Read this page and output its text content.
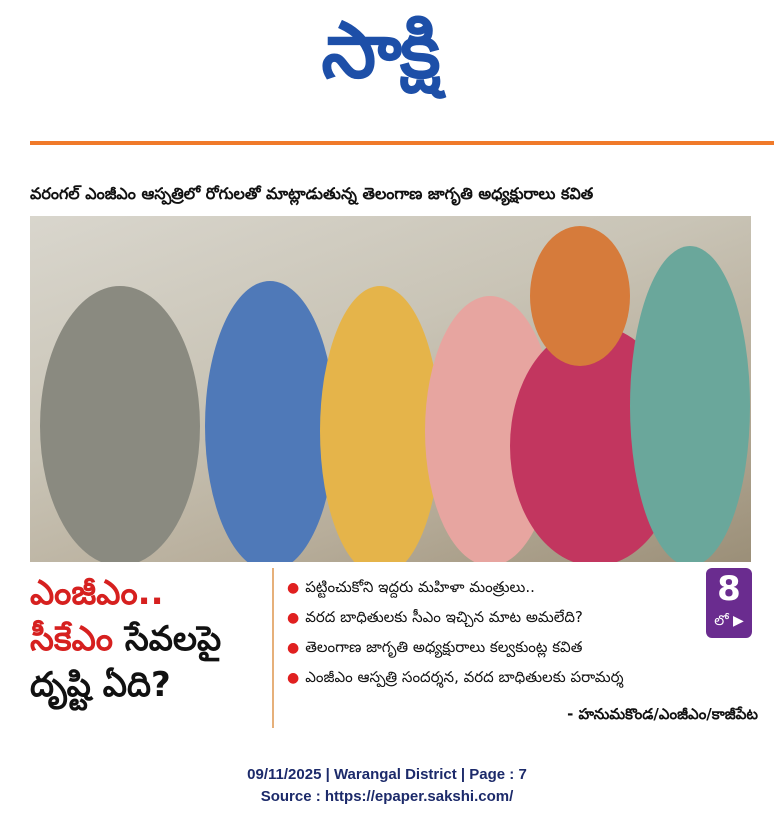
సాక్షి
వరంగల్ ఎంజీఎం ఆస్పత్రిలో రోగులతో మాట్లాడుతున్న తెలంగాణ జాగృతి అధ్యక్షురాలు కవిత
ఎంజీఎం..
సీకేఎం సేవలపై
దృష్టి ఏది?
● పట్టించుకోని ఇద్దరు మహిళా మంత్రులు..
● వరద బాధితులకు సీఎం ఇచ్చిన మాట అమలేది?
● తెలంగాణ జాగృతి అధ్యక్షురాలు కల్వకుంట్ల కవిత
● ఎంజీఎం ఆస్పత్రి సందర్శన, వరద బాధితులకు పరామర్శ
- హనుమకొండ/ఎంజీఎం/కాజీపేట
8
లో ▶
09/11/2025 | Warangal District | Page : 7
Source : https://epaper.sakshi.com/
